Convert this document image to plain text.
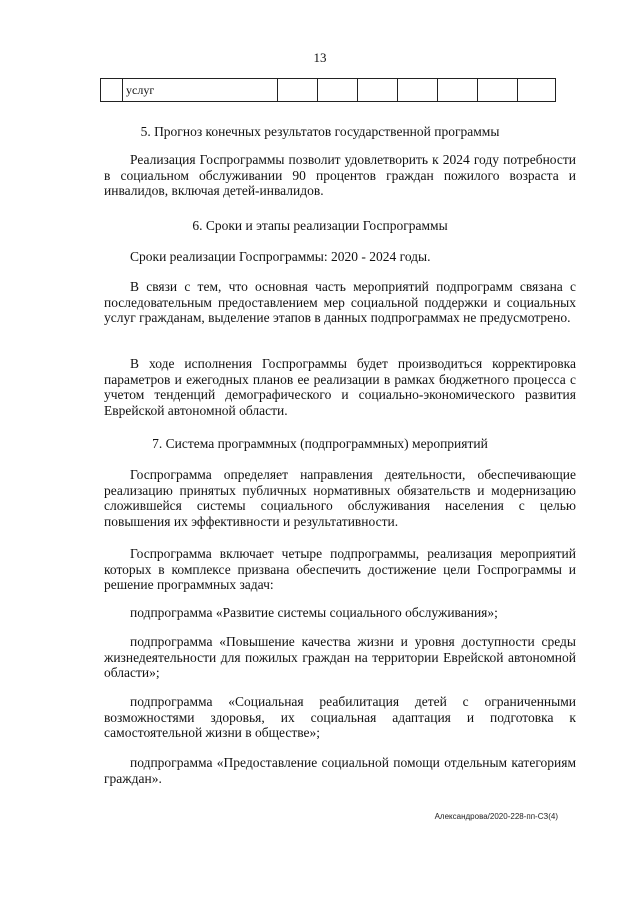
13
	услуг							
5. Прогноз конечных результатов государственной программы
Реализация Госпрограммы позволит удовлетворить к 2024 году потребности в социальном обслуживании 90 процентов граждан пожилого возраста и инвалидов, включая детей-инвалидов.
6. Сроки и этапы реализации Госпрограммы
Сроки реализации Госпрограммы: 2020 - 2024 годы.
В связи с тем, что основная часть мероприятий подпрограмм связана с последовательным предоставлением мер социальной поддержки и социальных услуг гражданам, выделение этапов в данных подпрограммах не предусмотрено.
В ходе исполнения Госпрограммы будет производиться корректировка параметров и ежегодных планов ее реализации в рамках бюджетного процесса с учетом тенденций демографического и социально-экономического развития Еврейской автономной области.
7. Система программных (подпрограммных) мероприятий
Госпрограмма определяет направления деятельности, обеспечивающие реализацию принятых публичных нормативных обязательств и модернизацию сложившейся системы социального обслуживания населения с целью повышения их эффективности и результативности.
Госпрограмма включает четыре подпрограммы, реализация мероприятий которых в комплексе призвана обеспечить достижение цели Госпрограммы и решение программных задач:
подпрограмма «Развитие системы социального обслуживания»;
подпрограмма «Повышение качества жизни и уровня доступности среды жизнедеятельности для пожилых граждан на территории Еврейской автономной области»;
подпрограмма «Социальная реабилитация детей с ограниченными возможностями здоровья, их социальная адаптация и подготовка к самостоятельной жизни в обществе»;
подпрограмма «Предоставление социальной помощи отдельным категориям граждан».
Александрова/2020-228-пп-СЗ(4)
